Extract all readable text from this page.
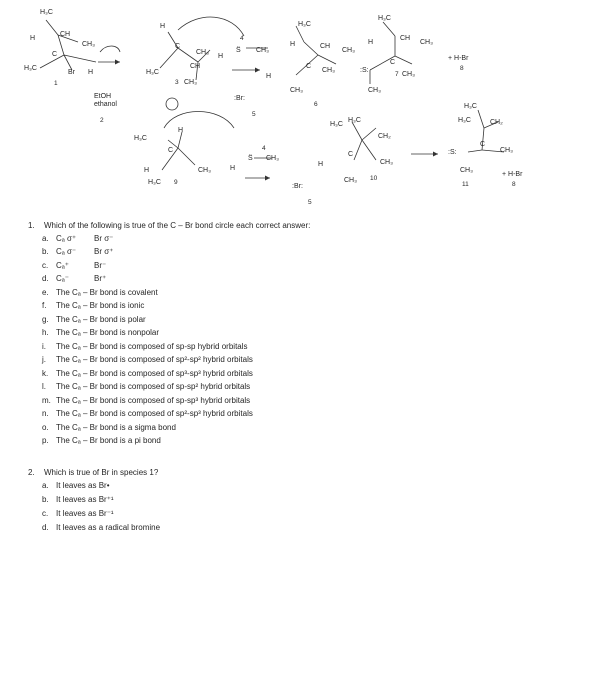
H₃C
H
CH
CH₃
C
Br H
H₃C
1
EtOH
ethanol
2
H
C
CH₃
H
CH
H₃C
3 CH₃
4
S̈ CH₃
:Br:
5
H₃C
H	CH
CH₃
C
CH₃
H
CH₃
6
H₃C
H
CH
CH₃
:S:
C
7 CH₃
CH₃
+ H-Br
8
H₃C
H
C
CH₃	H
H
H₃C 9
4
S̈ CH₃
H₃C
H₃C
CH₂
C
CH₃
H
CH₃ 10
:Br:
5
H₃C
H₃C	CH₂
:S:
C
CH₃
CH₃
11
+ H-Br
8
1.	Which of the following is true of the C – Br bond circle each correct answer:
a. Cₐ σ⁺	Br σ⁻
b. Cₐ σ⁻	Br σ⁺
c. Cₐ⁺	Br⁻
d. Cₐ⁻	Br⁺
e. The Cₐ – Br bond is covalent
f.	The Cₐ – Br bond is ionic
g. The Cₐ – Br bond is polar
h. The Cₐ – Br bond is nonpolar
i.	The Cₐ – Br bond is composed of sp-sp hybrid orbitals
j.	The Cₐ – Br bond is composed of sp²-sp² hybrid orbitals
k. The Cₐ – Br bond is composed of sp³-sp³ hybrid orbitals
l.	The Cₐ – Br bond is composed of sp-sp² hybrid orbitals
m. The Cₐ – Br bond is composed of sp-sp³ hybrid orbitals
n. The Cₐ – Br bond is composed of sp²-sp³ hybrid orbitals
o. The Cₐ – Br bond is a sigma bond
p. The Cₐ – Br bond is a pi bond
2.	Which is true of Br in species 1?
a. It leaves as Br•
b. It leaves as Br⁺¹
c. It leaves as Br⁻¹
d. It leaves as a radical bromine
